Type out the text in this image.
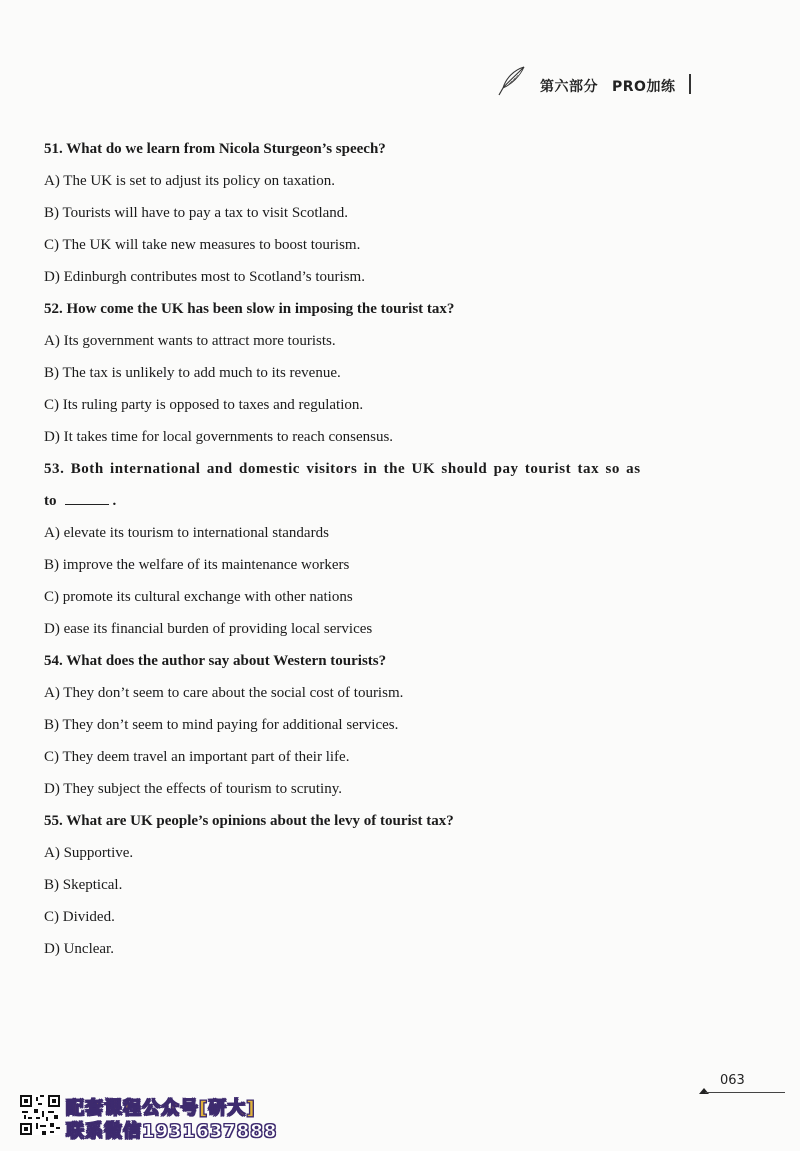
第六部分 PRO加练
51. What do we learn from Nicola Sturgeon’s speech?
A) The UK is set to adjust its policy on taxation.
B) Tourists will have to pay a tax to visit Scotland.
C) The UK will take new measures to boost tourism.
D) Edinburgh contributes most to Scotland’s tourism.
52. How come the UK has been slow in imposing the tourist tax?
A) Its government wants to attract more tourists.
B) The tax is unlikely to add much to its revenue.
C) Its ruling party is opposed to taxes and regulation.
D) It takes time for local governments to reach consensus.
53. Both international and domestic visitors in the UK should pay tourist tax so as
to	.
A) elevate its tourism to international standards
B) improve the welfare of its maintenance workers
C) promote its cultural exchange with other nations
D) ease its financial burden of providing local services
54. What does the author say about Western tourists?
A) They don’t seem to care about the social cost of tourism.
B) They don’t seem to mind paying for additional services.
C) They deem travel an important part of their life.
D) They subject the effects of tourism to scrutiny.
55. What are UK people’s opinions about the levy of tourist tax?
A) Supportive.
B) Skeptical.
C) Divided.
D) Unclear.
063
配套课程公众号[研大]
联系微信1931637888
